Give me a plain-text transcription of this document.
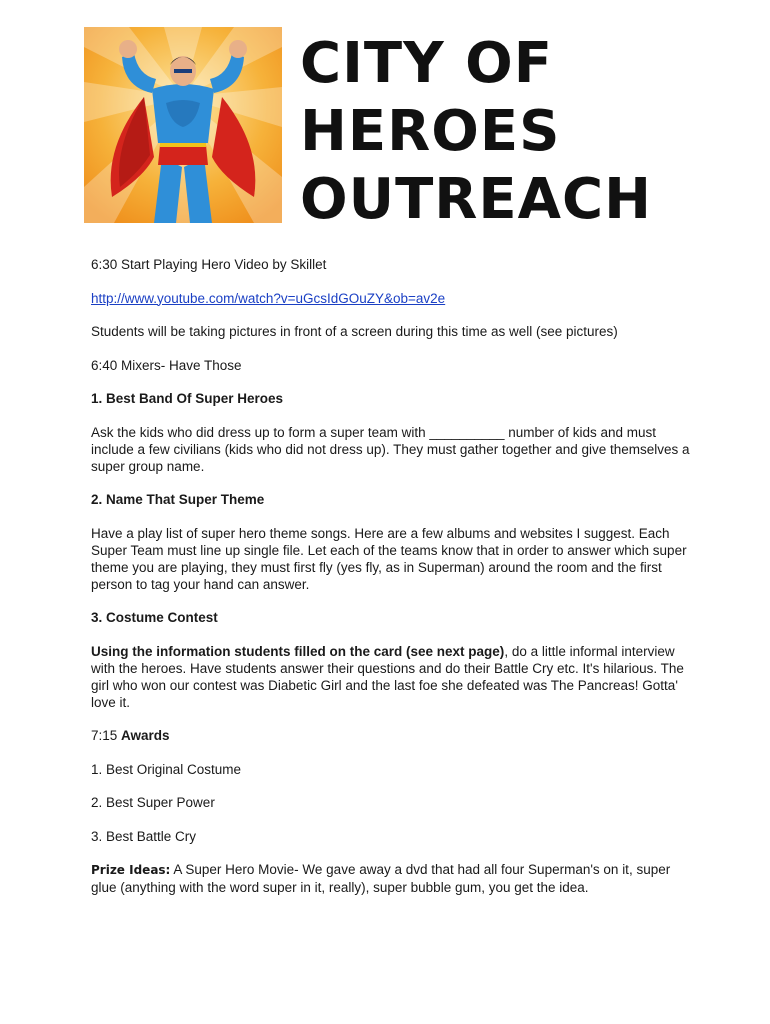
CITY OF
HEROES
OUTREACH

6:30 Start Playing Hero Video by Skillet

http://www.youtube.com/watch?v=uGcsIdGOuZY&ob=av2e

Students will be taking pictures in front of a screen during this time as well (see pictures)

6:40 Mixers- Have Those

1. Best Band Of Super Heroes

Ask the kids who did dress up to form a super team with __________ number of kids and must include a few civilians (kids who did not dress up). They must gather together and give themselves a super group name.

2. Name That Super Theme

Have a play list of super hero theme songs. Here are a few albums and websites I suggest. Each Super Team must line up single file. Let each of the teams know that in order to answer which super theme you are playing, they must first fly (yes fly, as in Superman) around the room and the first person to tag your hand can answer.

3. Costume Contest

Using the information students filled on the card (see next page), do a little informal interview with the heroes. Have students answer their questions and do their Battle Cry etc. It's hilarious. The girl who won our contest was Diabetic Girl and the last foe she defeated was The Pancreas! Gotta' love it.

7:15 Awards

1. Best Original Costume

2. Best Super Power

3. Best Battle Cry

Prize Ideas: A Super Hero Movie- We gave away a dvd that had all four Superman's on it, super glue (anything with the word super in it, really), super bubble gum, you get the idea.
